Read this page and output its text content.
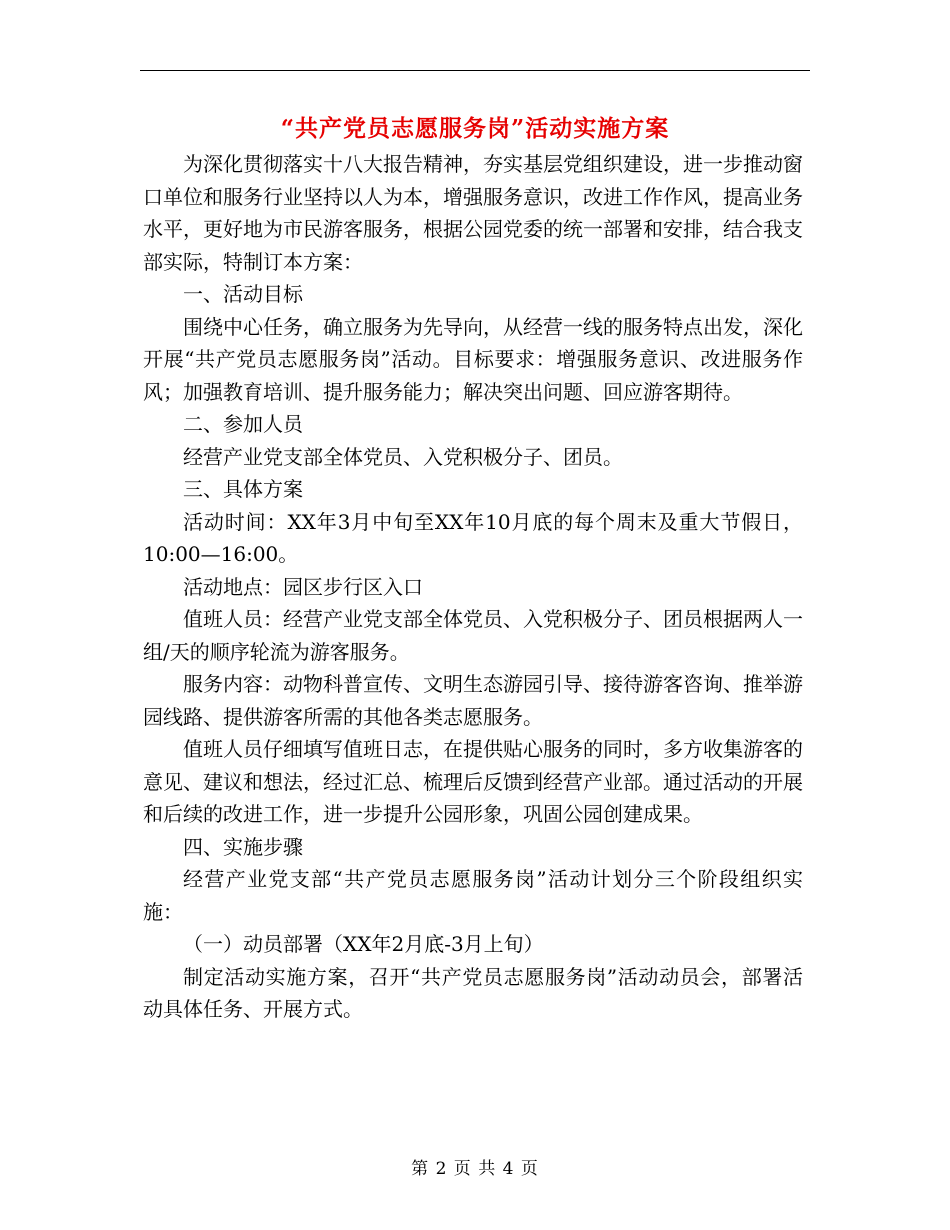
“共产党员志愿服务岗”活动实施方案

为深化贯彻落实十八大报告精神，夯实基层党组织建设，进一步推动窗口单位和服务行业坚持以人为本，增强服务意识，改进工作作风，提高业务水平，更好地为市民游客服务，根据公园党委的统一部署和安排，结合我支部实际，特制订本方案：

一、活动目标

围绕中心任务，确立服务为先导向，从经营一线的服务特点出发，深化开展“共产党员志愿服务岗”活动。目标要求：增强服务意识、改进服务作风；加强教育培训、提升服务能力；解决突出问题、回应游客期待。

二、参加人员

经营产业党支部全体党员、入党积极分子、团员。

三、具体方案

活动时间：XX年3月中旬至XX年10月底的每个周末及重大节假日，10:00—16:00。

活动地点：园区步行区入口

值班人员：经营产业党支部全体党员、入党积极分子、团员根据两人一组/天的顺序轮流为游客服务。

服务内容：动物科普宣传、文明生态游园引导、接待游客咨询、推举游园线路、提供游客所需的其他各类志愿服务。

值班人员仔细填写值班日志，在提供贴心服务的同时，多方收集游客的意见、建议和想法，经过汇总、梳理后反馈到经营产业部。通过活动的开展和后续的改进工作，进一步提升公园形象，巩固公园创建成果。

四、实施步骤

经营产业党支部“共产党员志愿服务岗”活动计划分三个阶段组织实施：

（一）动员部署（XX年2月底-3月上旬）

制定活动实施方案，召开“共产党员志愿服务岗”活动动员会，部署活动具体任务、开展方式。

第 2 页 共 4 页
